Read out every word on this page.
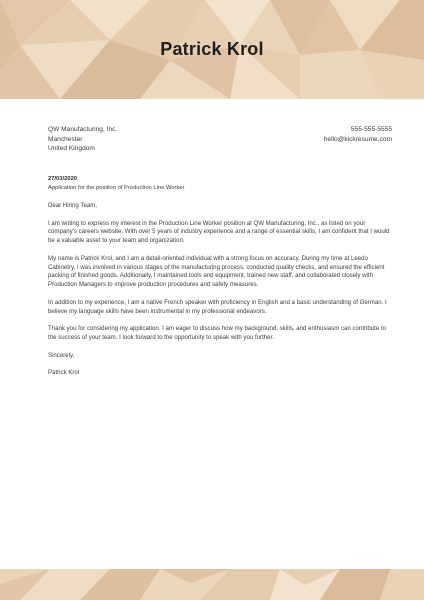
Patrick Krol
QW Manufacturing, Inc.
Manchester
United Kingdom
555-555-5555
hello@kickresume.com
27/03/2020
Application for the position of Production Line Worker

Dear Hiring Team,

I am writing to express my interest in the Production Line Worker position at QW Manufacturing, Inc., as listed on your company's careers website. With over 5 years of industry experience and a range of essential skills, I am confident that I would be a valuable asset to your team and organization.

My name is Patrick Krol, and I am a detail-oriented individual with a strong focus on accuracy. During my time at Leedo Cabinetry, I was involved in various stages of the manufacturing process, conducted quality checks, and ensured the efficient packing of finished goods. Additionally, I maintained tools and equipment, trained new staff, and collaborated closely with Production Managers to improve production procedures and safety measures.

In addition to my experience, I am a native French speaker with proficiency in English and a basic understanding of German. I believe my language skills have been instrumental in my professional endeavors.

Thank you for considering my application. I am eager to discuss how my background, skills, and enthusiasm can contribute to the success of your team. I look forward to the opportunity to speak with you further.

Sincerely,

Patrick Krol
